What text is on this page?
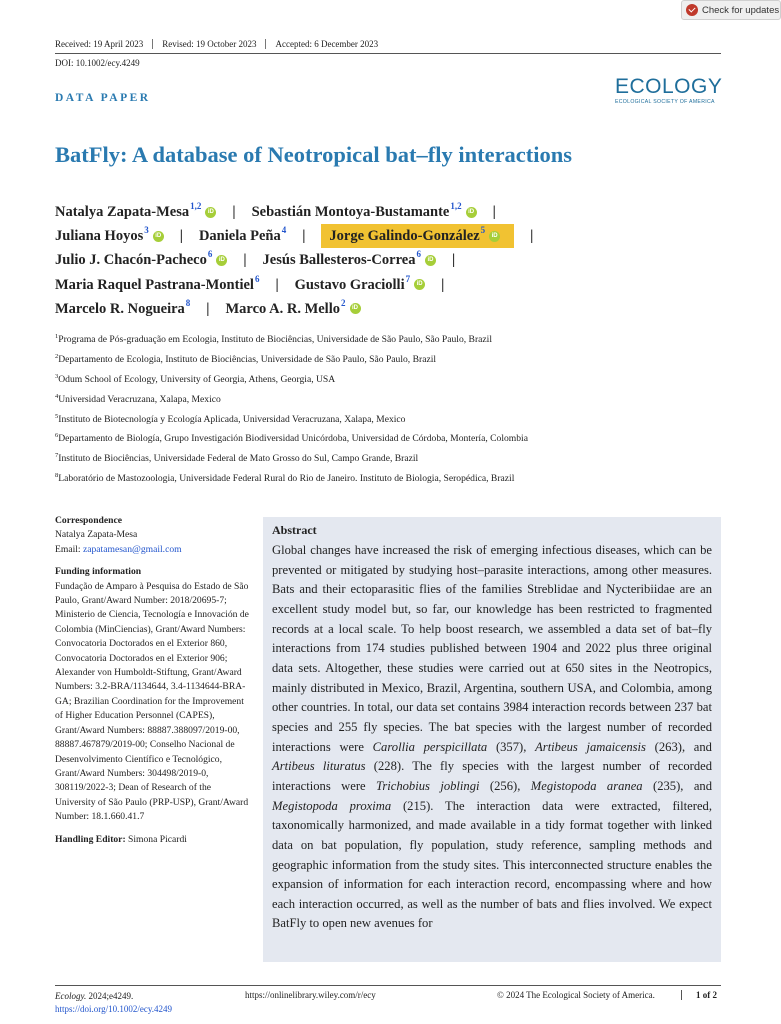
Check for updates
Received: 19 April 2023	Revised: 19 October 2023	Accepted: 6 December 2023
DOI: 10.1002/ecy.4249
DATA PAPER	ECOLOGY
ECOLOGICAL SOCIETY OF AMERICA
BatFly: A database of Neotropical bat–fly interactions
Natalya Zapata-Mesa$^{1,2}$ iD | Sebastián Montoya-Bustamante$^{1,2}$ iD |
Juliana Hoyos$^3$ iD | Daniela Peña$^4$ | Jorge Galindo-González$^5$ iD	|
Julio J. Chacón-Pacheco$^6$ iD | Jesús Ballesteros-Correa$^6$ iD |
Maria Raquel Pastrana-Montiel$^6$ | Gustavo Graciolli$^7$ iD |
Marcelo R. Nogueira$^8$ | Marco A. R. Mello$^2$
iD
$^1$Programa de Pós-graduação em Ecologia, Instituto de Biociências, Universidade de São Paulo, São Paulo, Brazil
$^2$Departamento de Ecologia, Instituto de Biociências, Universidade de São Paulo, São Paulo, Brazil
$^3$Odum School of Ecology, University of Georgia, Athens, Georgia, USA
$^4$Universidad Veracruzana, Xalapa, Mexico
$^5$Instituto de Biotecnología y Ecología Aplicada, Universidad Veracruzana, Xalapa, Mexico
$^6$Departamento de Biología, Grupo Investigación Biodiversidad Unicórdoba, Universidad de Córdoba, Montería, Colombia
$^7$Instituto de Biociências, Universidade Federal de Mato Grosso do Sul, Campo Grande, Brazil
$^8$Laboratório de Mastozoologia, Universidade Federal Rural do Rio de Janeiro. Instituto de Biologia, Seropédica, Brazil
Correspondence
Natalya Zapata-Mesa
Email: zapatamesan@gmail.com
Funding information
Fundação de Amparo à Pesquisa do Estado de São Paulo, Grant/Award Number: 2018/20695-7; Ministerio de Ciencia, Tecnología e Innovación de Colombia (MinCiencias), Grant/Award Numbers: Convocatoria Doctorados en el Exterior 860, Convocatoria Doctorados en el Exterior 906; Alexander von Humboldt-Stiftung, Grant/Award Numbers: 3.2-BRA/1134644, 3.4-1134644-BRA-GA; Brazilian Coordination for the Improvement of Higher Education Personnel (CAPES), Grant/Award Numbers: 88887.388097/2019-00, 88887.467879/2019-00; Conselho Nacional de Desenvolvimento Científico e Tecnológico, Grant/Award Numbers: 304498/2019-0, 308119/2022-3; Dean of Research of the University of São Paulo (PRP-USP), Grant/Award Number: 18.1.660.41.7
Handling Editor: Simona Picardi
Abstract
Global changes have increased the risk of emerging infectious diseases, which can be prevented or mitigated by studying host–parasite interactions, among other measures. Bats and their ectoparasitic flies of the families Streblidae and Nycteribiidae are an excellent study model but, so far, our knowledge has been restricted to fragmented records at a local scale. To help boost research, we assembled a data set of bat–fly interactions from 174 studies published between 1904 and 2022 plus three original data sets. Altogether, these studies were carried out at 650 sites in the Neotropics, mainly distributed in Mexico, Brazil, Argentina, southern USA, and Colombia, among other countries. In total, our data set contains 3984 interaction records between 237 bat species and 255 fly species. The bat species with the largest number of recorded interactions were Carollia perspicillata (357), Artibeus jamaicensis (263), and Artibeus lituratus (228). The fly species with the largest number of recorded interactions were Trichobius joblingi (256), Megistopoda aranea (235), and Megistopoda proxima (215). The interaction data were extracted, filtered, taxonomically harmonized, and made available in a tidy format together with linked data on bat population, fly population, study reference, sampling methods and geographic information from the study sites. This interconnected structure enables the expansion of information for each interaction record, encompassing where and how each interaction occurred, as well as the number of bats and flies involved. We expect BatFly to open new avenues for
Ecology. 2024;e4249.
https://doi.org/10.1002/ecy.4249
https://onlinelibrary.wiley.com/r/ecy	© 2024 The Ecological Society of America.	1 of 2
